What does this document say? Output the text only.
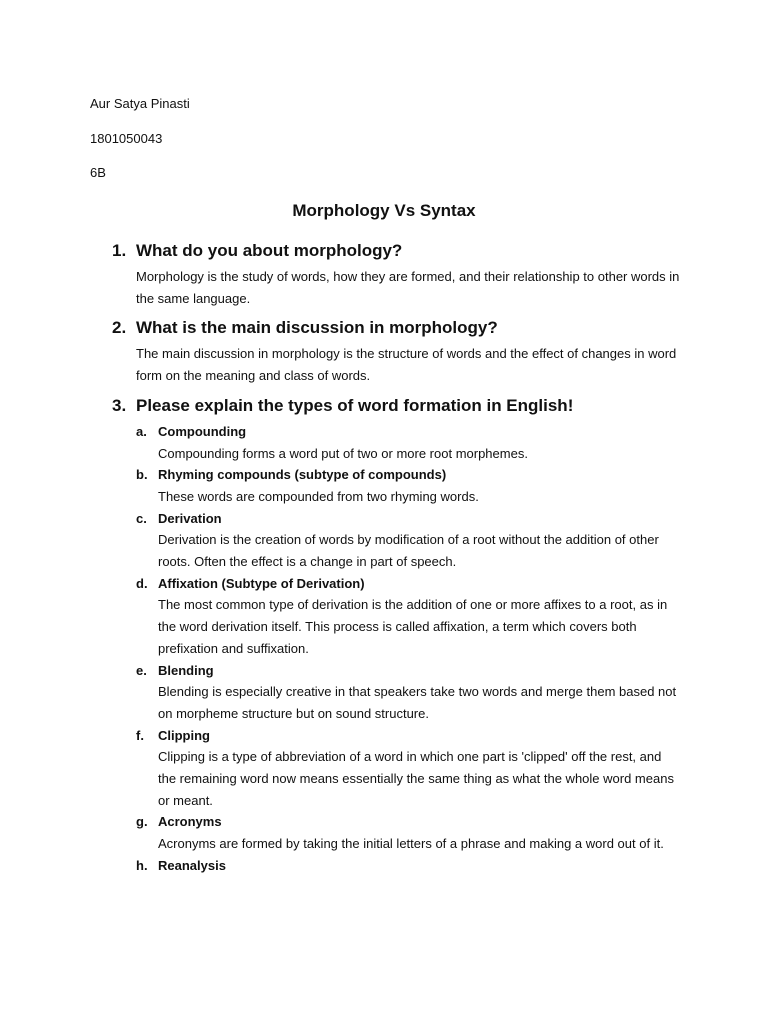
Aur Satya Pinasti

1801050043

6B

Morphology Vs Syntax
1. What do you about morphology?

Morphology is the study of words, how they are formed, and their relationship to other words in the same language.

2. What is the main discussion in morphology?

The main discussion in morphology is the structure of words and the effect of changes in word form on the meaning and class of words.

3. Please explain the types of word formation in English!
a. Compounding

Compounding forms a word put of two or more root morphemes.

b. Rhyming compounds (subtype of compounds)

These words are compounded from two rhyming words.

c. Derivation

Derivation is the creation of words by modification of a root without the addition of other roots. Often the effect is a change in part of speech.

d. Affixation (Subtype of Derivation)

The most common type of derivation is the addition of one or more affixes to a root, as in the word derivation itself. This process is called affixation, a term which covers both prefixation and suffixation.

e. Blending

Blending is especially creative in that speakers take two words and merge them based not on morpheme structure but on sound structure.

f.	Clipping

Clipping is a type of abbreviation of a word in which one part is 'clipped' off the rest, and the remaining word now means essentially the same thing as what the whole word means or meant.

g. Acronyms

Acronyms are formed by taking the initial letters of a phrase and making a word out of it.

h. Reanalysis
